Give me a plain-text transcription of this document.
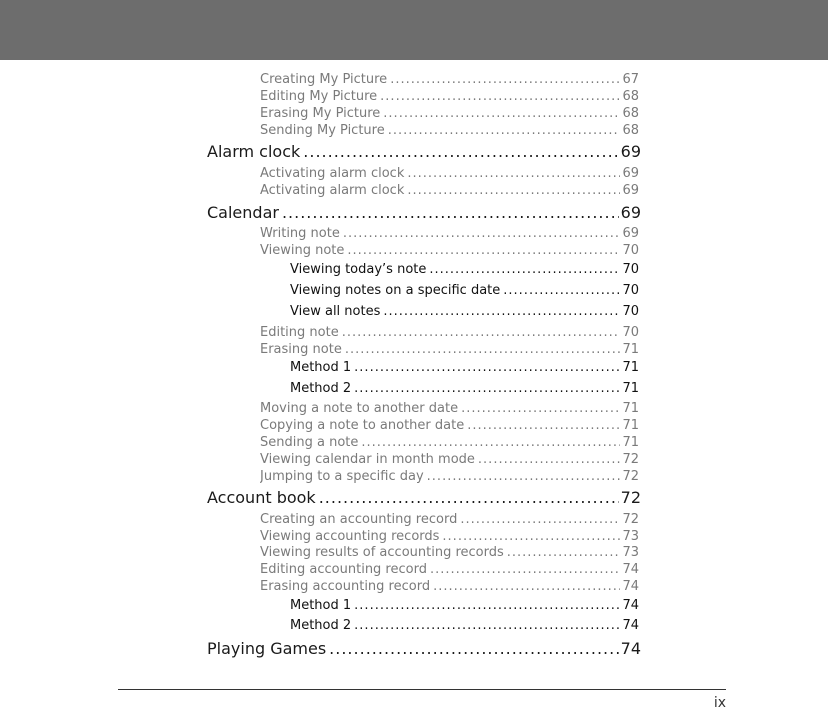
Creating My Picture .....	67
Editing My Picture .....	68
Erasing My Picture .....	68
Sending My Picture .....	68
Alarm clock .....	69
Activating alarm clock .....	69
Activating alarm clock .....	69
Calendar .....	69
Writing note .....	69
Viewing note .....	70
Viewing today’s note .....	70
Viewing notes on a specific date .....	70
View all notes .....	70
Editing note .....	70
Erasing note .....	71
Method 1 .....	71
Method 2 .....	71
Moving a note to another date .....	71
Copying a note to another date .....	71
Sending a note .....	71
Viewing calendar in month mode .....	72
Jumping to a specific day .....	72
Account book .....	72
Creating an accounting record .....	72
Viewing accounting records .....	73
Viewing results of accounting records .....	73
Editing accounting record .....	74
Erasing accounting record .....	74
Method 1 .....	74
Method 2 .....	74
Playing Games .....	74
ix
